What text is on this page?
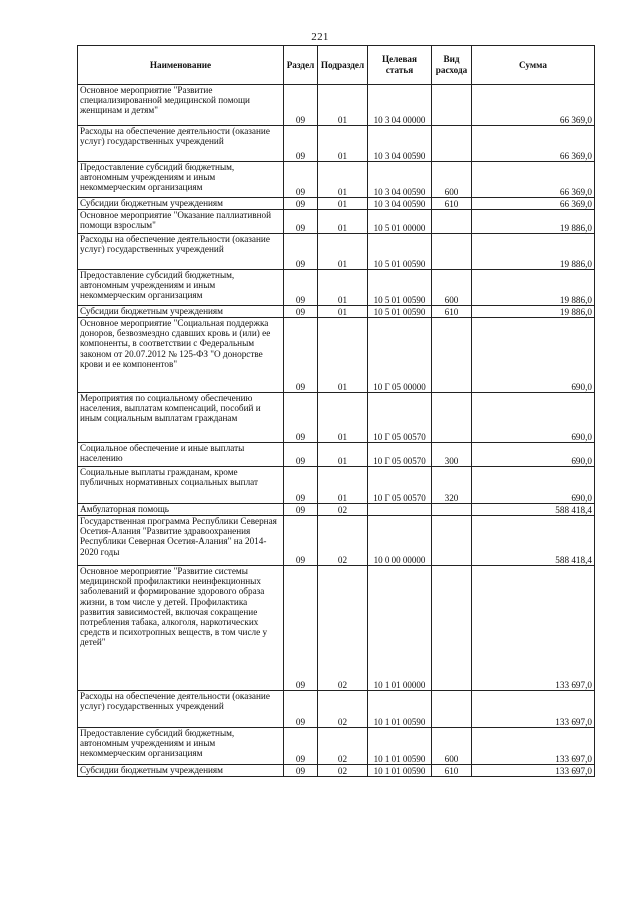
221
Наименование	Раздел	Подраздел	Целевая статья	Вид расхода	Сумма
Основное мероприятие "Развитие специализированной медицинской помощи женщинам и детям"	09	01	10 3 04 00000		66 369,0
Расходы на обеспечение деятельности (оказание услуг) государственных учреждений	09	01	10 3 04 00590		66 369,0
Предоставление субсидий бюджетным, автономным учреждениям и иным некоммерческим организациям	09	01	10 3 04 00590	600	66 369,0
Субсидии бюджетным учреждениям	09	01	10 3 04 00590	610	66 369,0
Основное мероприятие "Оказание паллиативной помощи взрослым"	09	01	10 5 01 00000		19 886,0
Расходы на обеспечение деятельности (оказание услуг) государственных учреждений	09	01	10 5 01 00590		19 886,0
Предоставление субсидий бюджетным, автономным учреждениям и иным некоммерческим организациям	09	01	10 5 01 00590	600	19 886,0
Субсидии бюджетным учреждениям	09	01	10 5 01 00590	610	19 886,0
Основное мероприятие "Социальная поддержка доноров, безвозмездно сдавших кровь и (или) ее компоненты, в соответствии с Федеральным законом от 20.07.2012 № 125-ФЗ "О донорстве крови и ее компонентов"	09	01	10 Г 05 00000		690,0
Мероприятия по социальному обеспечению населения, выплатам компенсаций, пособий и иным социальным выплатам гражданам	09	01	10 Г 05 00570		690,0
Социальное обеспечение и иные выплаты населению	09	01	10 Г 05 00570	300	690,0
Социальные выплаты гражданам, кроме публичных нормативных социальных выплат	09	01	10 Г 05 00570	320	690,0
Амбулаторная помощь	09	02			588 418,4
Государственная программа Республики Северная Осетия-Алания "Развитие здравоохранения Республики Северная Осетия-Алания" на 2014-2020 годы	09	02	10 0 00 00000		588 418,4
Основное мероприятие "Развитие системы медицинской профилактики неинфекционных заболеваний и формирование здорового образа жизни, в том числе у детей. Профилактика развития зависимостей, включая сокращение потребления табака, алкоголя, наркотических средств и психотропных веществ, в том числе у детей"	09	02	10 1 01 00000		133 697,0
Расходы на обеспечение деятельности (оказание услуг) государственных учреждений	09	02	10 1 01 00590		133 697,0
Предоставление субсидий бюджетным, автономным учреждениям и иным некоммерческим организациям	09	02	10 1 01 00590	600	133 697,0
Субсидии бюджетным учреждениям	09	02	10 1 01 00590	610	133 697,0
